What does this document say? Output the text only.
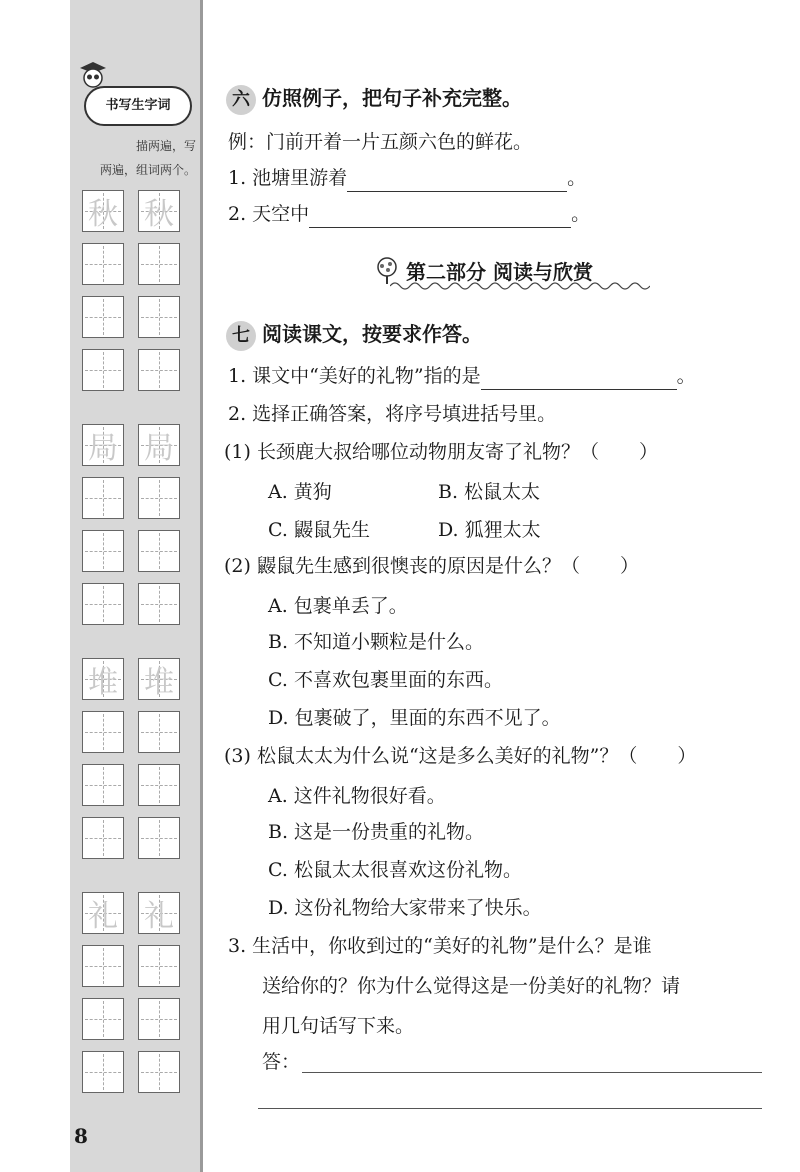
书写生字词
描两遍，写
两遍，组词两个。
秋 秋
局 局
堆 堆
礼 礼
8
六 仿照例子，把句子补充完整。
例：门前开着一片五颜六色的鲜花。
1. 池塘里游着	。
2. 天空中	。
第二部分 阅读与欣赏
七 阅读课文，按要求作答。
1. 课文中“美好的礼物”指的是	。
2. 选择正确答案，将序号填进括号里。
(1) 长颈鹿大叔给哪位动物朋友寄了礼物？（ ）
A. 黄狗	B. 松鼠太太
C. 鼹鼠先生	D. 狐狸太太
(2) 鼹鼠先生感到很懊丧的原因是什么？（ ）
A. 包裹单丢了。
B. 不知道小颗粒是什么。
C. 不喜欢包裹里面的东西。
D. 包裹破了，里面的东西不见了。
(3) 松鼠太太为什么说“这是多么美好的礼物”？（ ）
A. 这件礼物很好看。
B. 这是一份贵重的礼物。
C. 松鼠太太很喜欢这份礼物。
D. 这份礼物给大家带来了快乐。
3. 生活中，你收到过的“美好的礼物”是什么？是谁
送给你的？你为什么觉得这是一份美好的礼物？请
用几句话写下来。
答：
